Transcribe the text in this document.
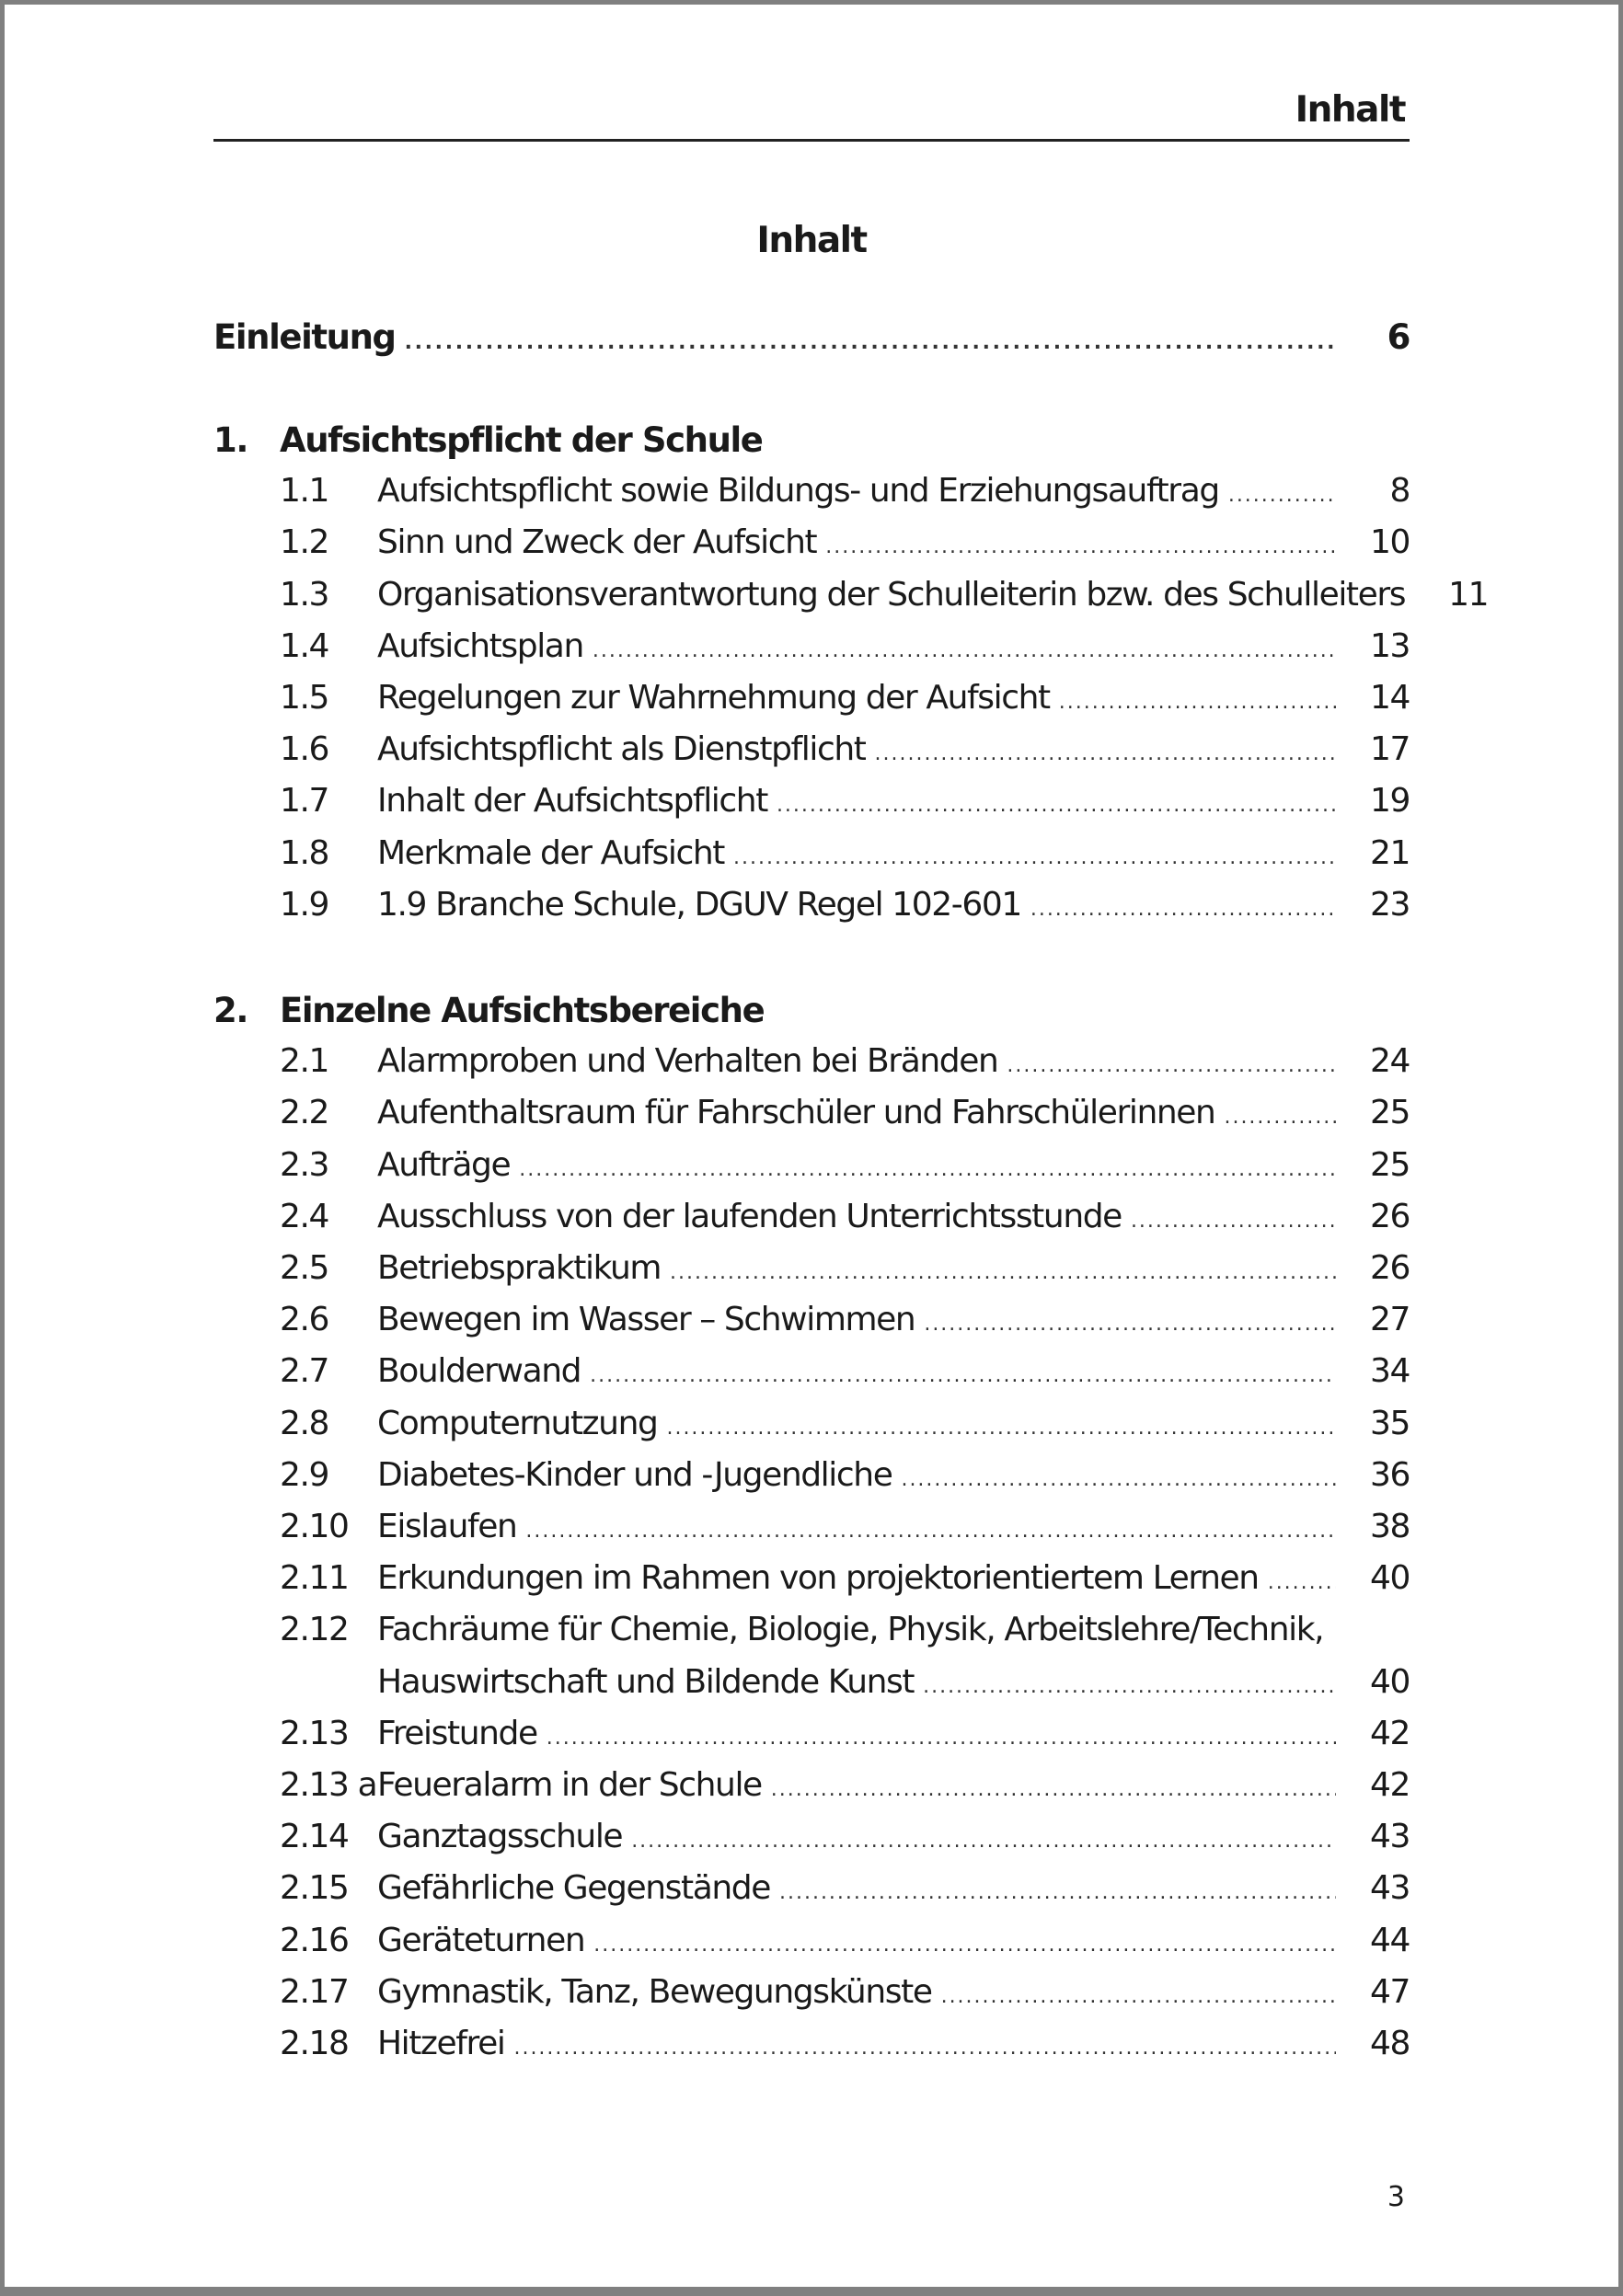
Inhalt
Inhalt
Einleitung . . .	6
1. Aufsichtspflicht der Schule
1.1	Aufsichtspflicht sowie Bildungs- und Erziehungsauftrag . . .	8
1.2	Sinn und Zweck der Aufsicht . . .	10
1.3	Organisationsverantwortung der Schulleiterin bzw. des Schulleiters	11
1.4	Aufsichtsplan . . .	13
1.5	Regelungen zur Wahrnehmung der Aufsicht . . .	14
1.6	Aufsichtspflicht als Dienstpflicht . . .	17
1.7	Inhalt der Aufsichtspflicht . . .	19
1.8	Merkmale der Aufsicht . . .	21
1.9	1.9 Branche Schule, DGUV Regel 102-601 . . .	23
2. Einzelne Aufsichtsbereiche
2.1	Alarmproben und Verhalten bei Bränden . . .	24
2.2	Aufenthaltsraum für Fahrschüler und Fahrschülerinnen . . .	25
2.3	Aufträge . . .	25
2.4	Ausschluss von der laufenden Unterrichtsstunde . . .	26
2.5	Betriebspraktikum . . .	26
2.6	Bewegen im Wasser – Schwimmen . . .	27
2.7	Boulderwand . . .	34
2.8	Computernutzung . . .	35
2.9	Diabetes-Kinder und -Jugendliche . . .	36
2.10 Eislaufen . . .	38
2.11 Erkundungen im Rahmen von projektorientiertem Lernen . . .	40
2.12 Fachräume für Chemie, Biologie, Physik, Arbeitslehre/Technik,
Hauswirtschaft und Bildende Kunst . . .	40
2.13 Freistunde . . .	42
2.13 a Feueralarm in der Schule . . .	42
2.14 Ganztagsschule . . .	43
2.15 Gefährliche Gegenstände . . .	43
2.16 Geräteturnen . . .	44
2.17 Gymnastik, Tanz, Bewegungskünste . . .	47
2.18 Hitzefrei . . .	48
3
